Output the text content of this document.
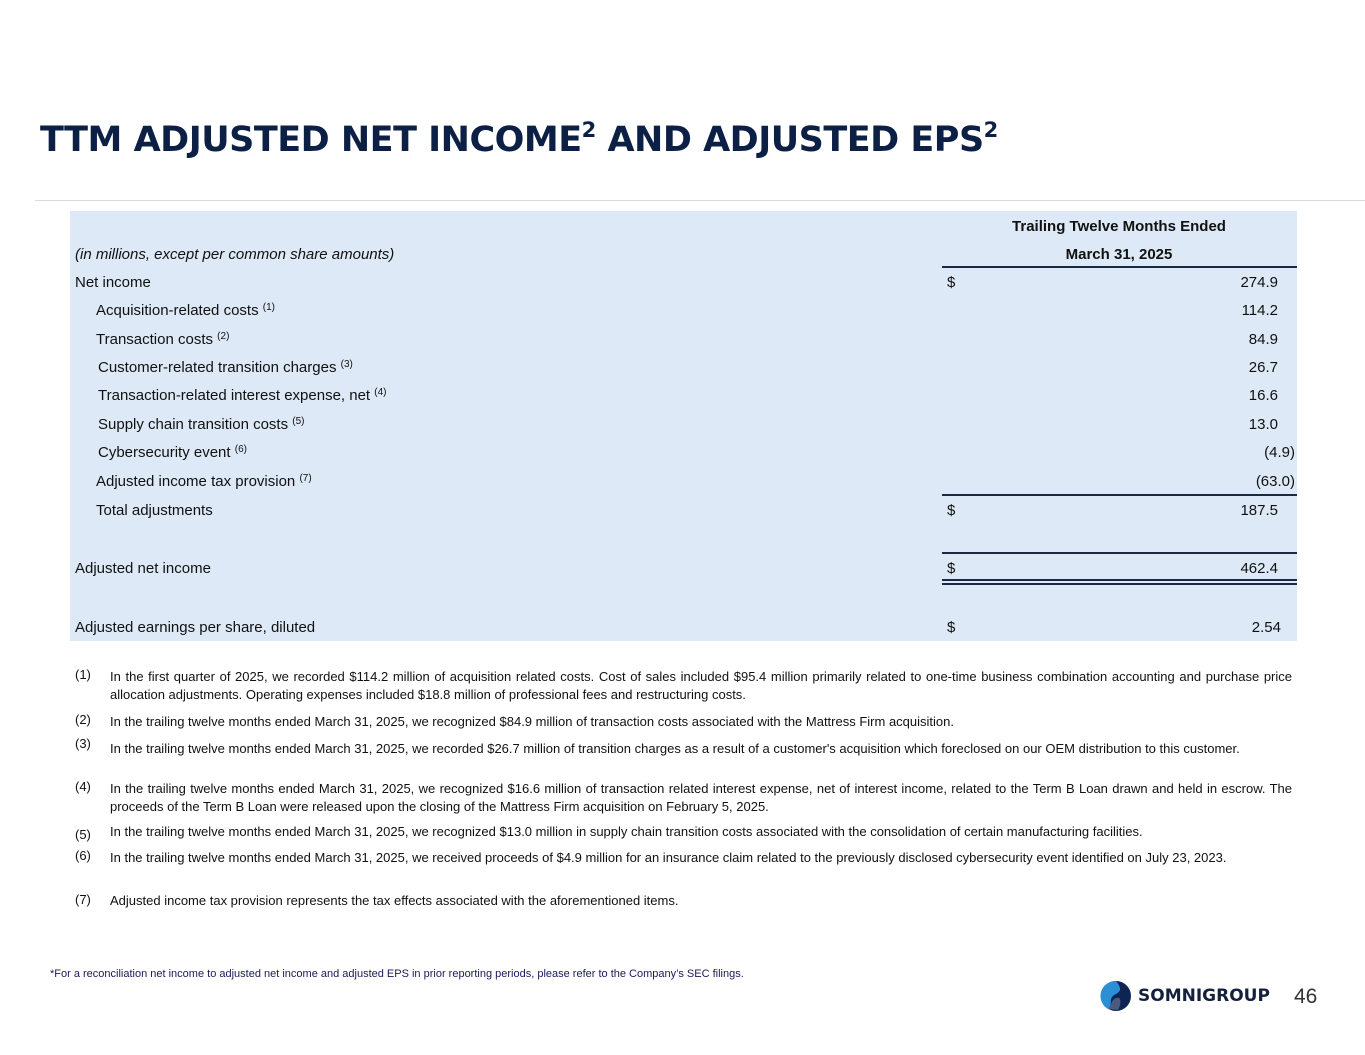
TTM ADJUSTED NET INCOME$^2$ AND ADJUSTED EPS$^2$
Trailing Twelve Months Ended
March 31, 2025
(in millions, except per common share amounts)
Net income	$	274.9
Acquisition-related costs $^{(1)}$	114.2
Transaction costs $^{(2)}$	84.9
Customer-related transition charges $^{(3)}$	26.7
Transaction-related interest expense, net $^{(4)}$	16.6
Supply chain transition costs $^{(5)}$	13.0
Cybersecurity event $^{(6)}$	(4.9)
Adjusted income tax provision $^{(7)}$	(63.0)
Total adjustments	$	187.5
Adjusted net income	$	462.4
Adjusted earnings per share, diluted	$	2.54
(1) In the first quarter of 2025, we recorded $114.2 million of acquisition related costs. Cost of sales included $95.4 million primarily related to one-time business combination accounting and purchase price allocation adjustments. Operating expenses included $18.8 million of professional fees and restructuring costs.
(2) In the trailing twelve months ended March 31, 2025, we recognized $84.9 million of transaction costs associated with the Mattress Firm acquisition.
(3) In the trailing twelve months ended March 31, 2025, we recorded $26.7 million of transition charges as a result of a customer's acquisition which foreclosed on our OEM distribution to this customer.
(4) In the trailing twelve months ended March 31, 2025, we recognized $16.6 million of transaction related interest expense, net of interest income, related to the Term B Loan drawn and held in escrow. The proceeds of the Term B Loan were released upon the closing of the Mattress Firm acquisition on February 5, 2025.
(5) In the trailing twelve months ended March 31, 2025, we recognized $13.0 million in supply chain transition costs associated with the consolidation of certain manufacturing facilities.
(6) In the trailing twelve months ended March 31, 2025, we received proceeds of $4.9 million for an insurance claim related to the previously disclosed cybersecurity event identified on July 23, 2023.
(7) Adjusted income tax provision represents the tax effects associated with the aforementioned items.
*For a reconciliation net income to adjusted net income and adjusted EPS in prior reporting periods, please refer to the Company’s SEC filings.
SOMNIGROUP 46
